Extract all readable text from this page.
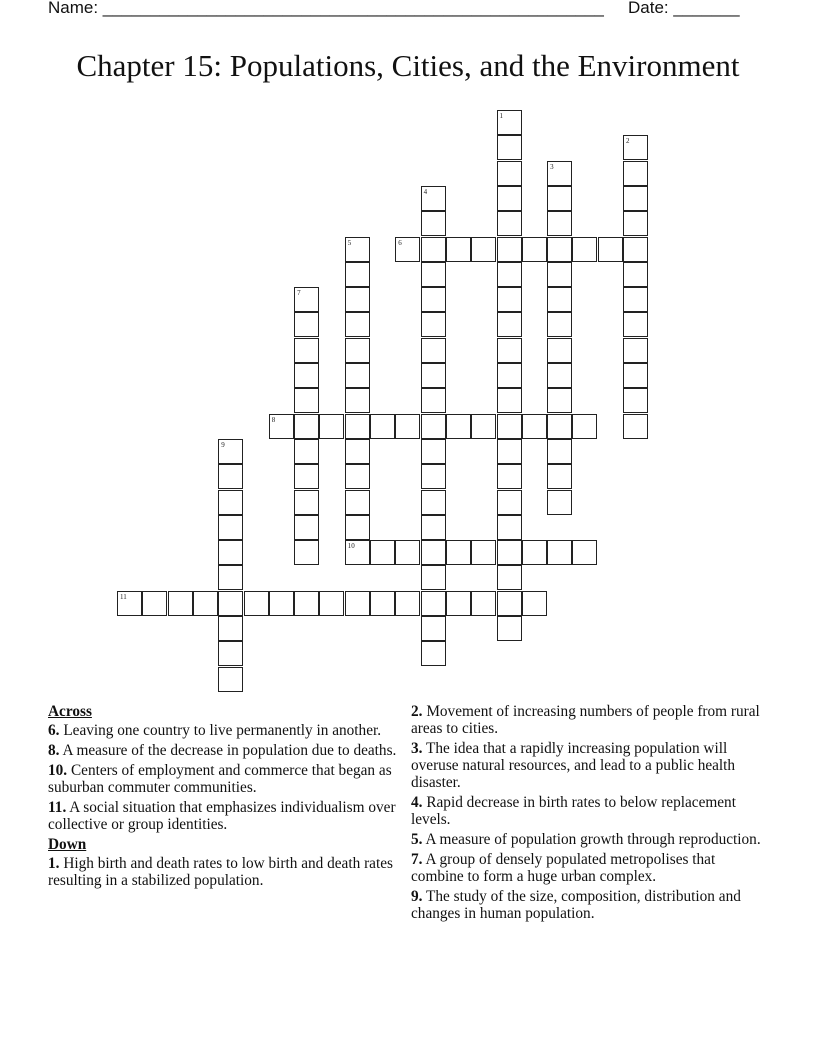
Name: _____________________________________________________ Date: _______
Chapter 15: Populations, Cities, and the Environment
1
2
3
4
5
10
6
7
8
9
11
Across
6. Leaving one country to live permanently in another.
8. A measure of the decrease in population due to deaths.
10. Centers of employment and commerce that began as suburban commuter communities.
11. A social situation that emphasizes individualism over collective or group identities.
Down
1. High birth and death rates to low birth and death rates resulting in a stabilized population.
2. Movement of increasing numbers of people from rural areas to cities.
3. The idea that a rapidly increasing population will overuse natural resources, and lead to a public health disaster.
4. Rapid decrease in birth rates to below replacement levels.
5. A measure of population growth through reproduction.
7. A group of densely populated metropolises that combine to form a huge urban complex.
9. The study of the size, composition, distribution and changes in human population.
